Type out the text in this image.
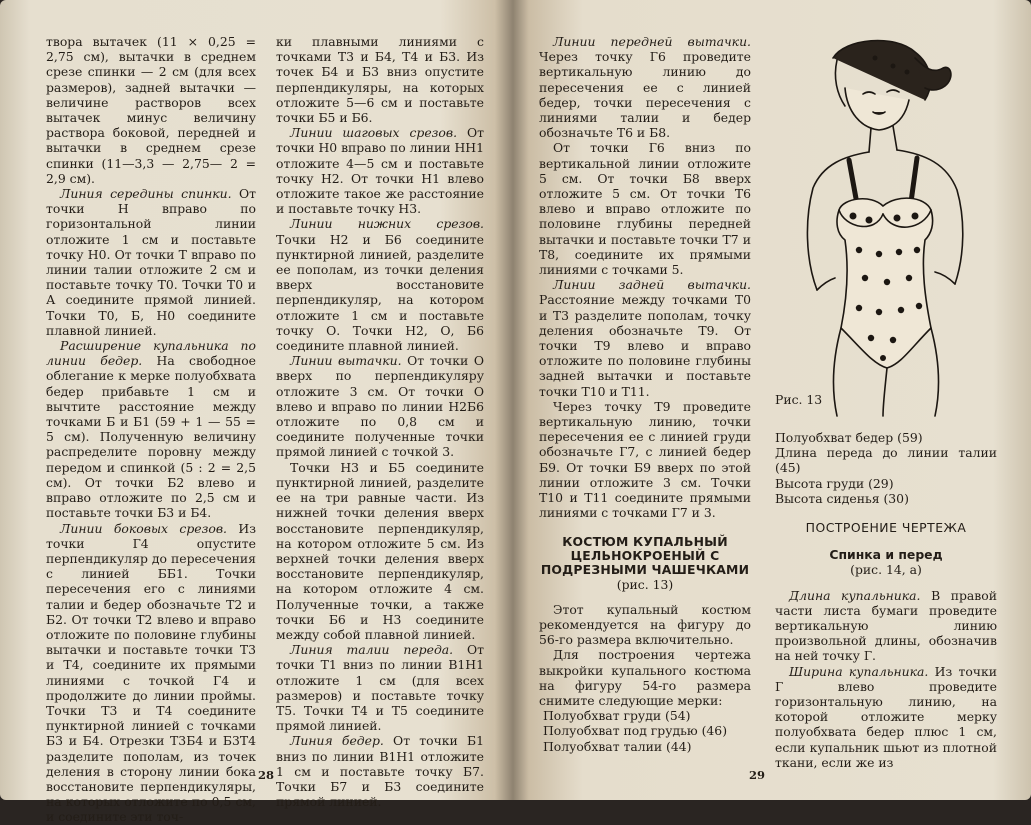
твора вытачек (11 × 0,25 = 2,75 см), вытачки в среднем срезе спинки — 2 см (для всех размеров), задней вытачки — величине растворов всех вытачек минус величину раствора боковой, передней и вытачки в среднем срезе спинки (11—3,3 — 2,75— 2 = 2,9 см).

Линия середины спинки. От точки Н вправо по горизонтальной линии отложите 1 см и поставьте точку Н0. От точки Т вправо по линии талии отложите 2 см и поставьте точку Т0. Точки Т0 и А соедините прямой линией. Точки Т0, Б, Н0 соедините плавной линией.

Расширение купальника по линии бедер. На свободное облегание к мерке полуобхвата бедер прибавьте 1 см и вычтите расстояние между точками Б и Б1 (59 + 1 — 55 = 5 см). Полученную величину распределите поровну между передом и спинкой (5 : 2 = 2,5 см). От точки Б2 влево и вправо отложите по 2,5 см и поставьте точки Б3 и Б4.

Линии боковых срезов. Из точки Г4 опустите перпендикуляр до пересечения с линией ББ1. Точки пересечения его с линиями талии и бедер обозначьте Т2 и Б2. От точки Т2 влево и вправо отложите по половине глубины вытачки и поставьте точки Т3 и Т4, соедините их прямыми линиями с точкой Г4 и продолжите до линии проймы. Точки Т3 и Т4 соедините пунктирной линией с точками Б3 и Б4. Отрезки Т3Б4 и Б3Т4 разделите пополам, из точек деления в сторону линии бока восстановите перпендикуляры, на которых отложите по 0,5 см, и соедините эти точ-

ки плавными линиями с точками Т3 и Б4, Т4 и Б3. Из точек Б4 и Б3 вниз опустите перпендикуляры, на которых отложите 5—6 см и поставьте точки Б5 и Б6.

Линии шаговых срезов. От точки Н0 вправо по линии НН1 отложите 4—5 см и поставьте точку Н2. От точки Н1 влево отложите такое же расстояние и поставьте точку Н3.

Линии нижних срезов. Точки Н2 и Б6 соедините пунктирной линией, разделите ее пополам, из точки деления вверх восстановите перпендикуляр, на котором отложите 1 см и поставьте точку О. Точки Н2, О, Б6 соедините плавной линией.

Линии вытачки. От точки О вверх по перпендикуляру отложите 3 см. От точки О влево и вправо по линии Н2Б6 отложите по 0,8 см и соедините полученные точки прямой линией с точкой 3.

Точки Н3 и Б5 соедините пунктирной линией, разделите ее на три равные части. Из нижней точки деления вверх восстановите перпендикуляр, на котором отложите 5 см. Из верхней точки деления вверх восстановите перпендикуляр, на котором отложите 4 см. Полученные точки, а также точки Б6 и Н3 соедините между собой плавной линией.

Линия талии переда. От точки Т1 вниз по линии В1Н1 отложите 1 см (для всех размеров) и поставьте точку Т5. Точки Т4 и Т5 соедините прямой линией.

Линия бедер. От точки Б1 вниз по линии В1Н1 отложите 1 см и поставьте точку Б7. Точки Б7 и Б3 соедините прямой линией.

28

Линии передней вытачки. Через точку Г6 проведите вертикальную линию до пересечения ее с линией бедер, точки пересечения с линиями талии и бедер обозначьте Т6 и Б8.

От точки Г6 вниз по вертикальной линии отложите 5 см. От точки Б8 вверх отложите 5 см. От точки Т6 влево и вправо отложите по половине глубины передней вытачки и поставьте точки Т7 и Т8, соедините их прямыми линиями с точками 5.

Линии задней вытачки. Расстояние между точками Т0 и Т3 разделите пополам, точку деления обозначьте Т9. От точки Т9 влево и вправо отложите по половине глубины задней вытачки и поставьте точки Т10 и Т11.

Через точку Т9 проведите вертикальную линию, точки пересечения ее с линией груди обозначьте Г7, с линией бедер Б9. От точки Б9 вверх по этой линии отложите 3 см. Точки Т10 и Т11 соедините прямыми линиями с точками Г7 и 3.

КОСТЮМ КУПАЛЬНЫЙ ЦЕЛЬНОКРОЕНЫЙ С ПОДРЕЗНЫМИ ЧАШЕЧКАМИ

(рис. 13)

Этот купальный костюм рекомендуется на фигуру до 56-го размера включительно.

Для построения чертежа выкройки купального костюма на фигуру 54-го размера снимите следующие мерки:

Полуобхват груди (54)
Полуобхват под грудью (46)
Полуобхват талии (44)
Рис. 13
Полуобхват бедер (59)
Длина переда до линии талии (45)
Высота груди (29)
Высота сиденья (30)
ПОСТРОЕНИЕ ЧЕРТЕЖА
Спинка и перед

(рис. 14, а)

Длина купальника. В правой части листа бумаги проведите вертикальную линию произвольной длины, обозначив на ней точку Г.

Ширина купальника. Из точки Г влево проведите горизонтальную линию, на которой отложите мерку полуобхвата бедер плюс 1 см, если купальник шьют из плотной ткани, если же из

29
